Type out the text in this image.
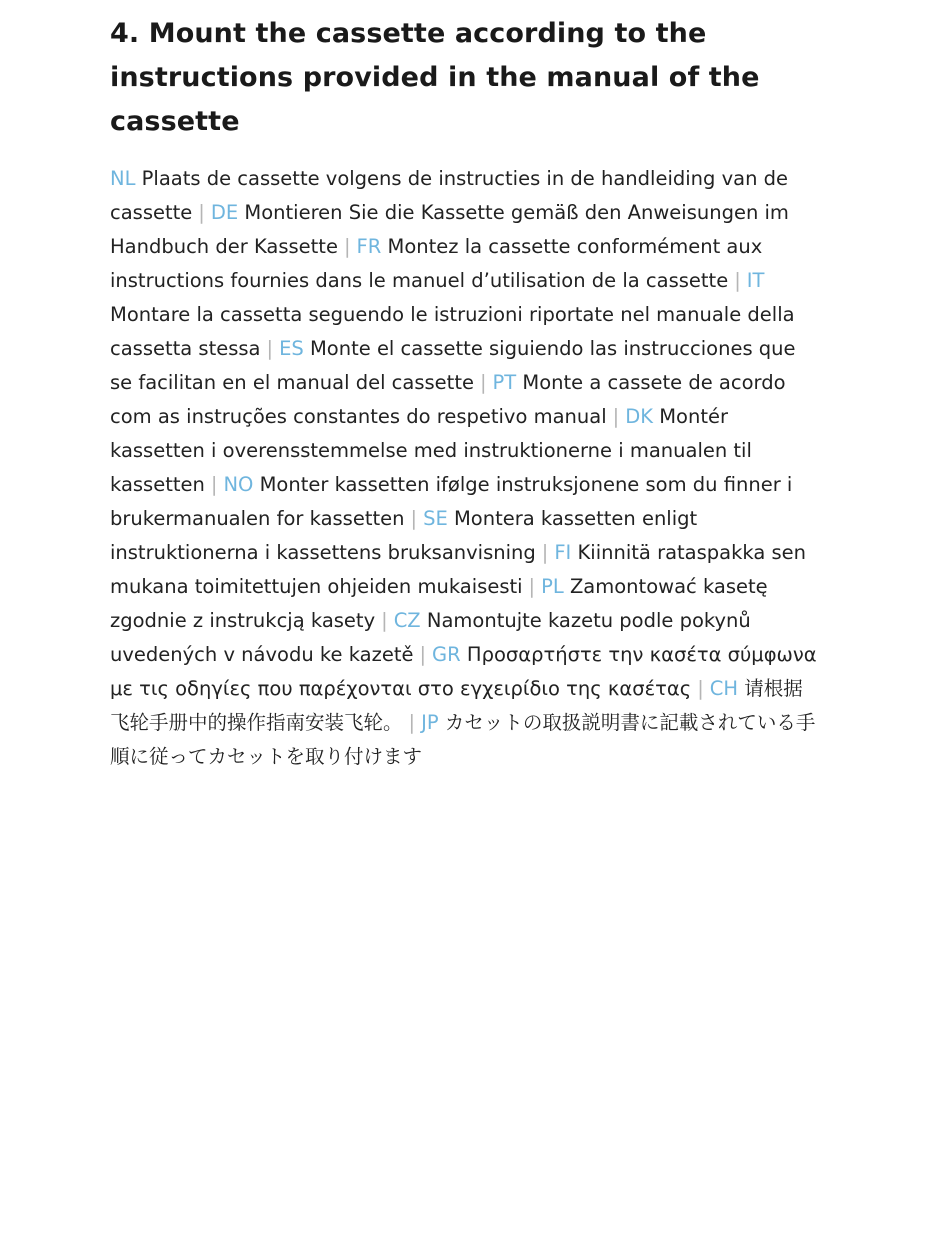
4. Mount the cassette according to the instructions provided in the manual of the cassette

NL Plaats de cassette volgens de instructies in de handleiding van de cassette | DE Montieren Sie die Kassette gemäß den Anweisungen im Handbuch der Kassette | FR Montez la cassette conformément aux instructions fournies dans le manuel d’utilisation de la cassette | IT Montare la cassetta seguendo le istruzioni riportate nel manuale della cassetta stessa | ES Monte el cassette siguiendo las instrucciones que se facilitan en el manual del cassette | PT Monte a cassete de acordo com as instruções constantes do respetivo manual | DK Montér kassetten i overensstemmelse med instruktionerne i manualen til kassetten | NO Monter kassetten ifølge instruksjonene som du finner i brukermanualen for kassetten | SE Montera kassetten enligt instruktionerna i kassettens bruksanvisning | FI Kiinnitä rataspakka sen mukana toimitettujen ohjeiden mukaisesti | PL Zamontować kasetę zgodnie z instrukcją kasety | CZ Namontujte kazetu podle pokynů uvedených v návodu ke kazetě | GR Προσαρτήστε την κασέτα σύμφωνα με τις οδηγίες που παρέχονται στο εγχειρίδιο της κασέτας | CH 请根据飞轮手册中的操作指南安装飞轮。 | JP カセットの取扱説明書に記載されている手順に従ってカセットを取り付けます
